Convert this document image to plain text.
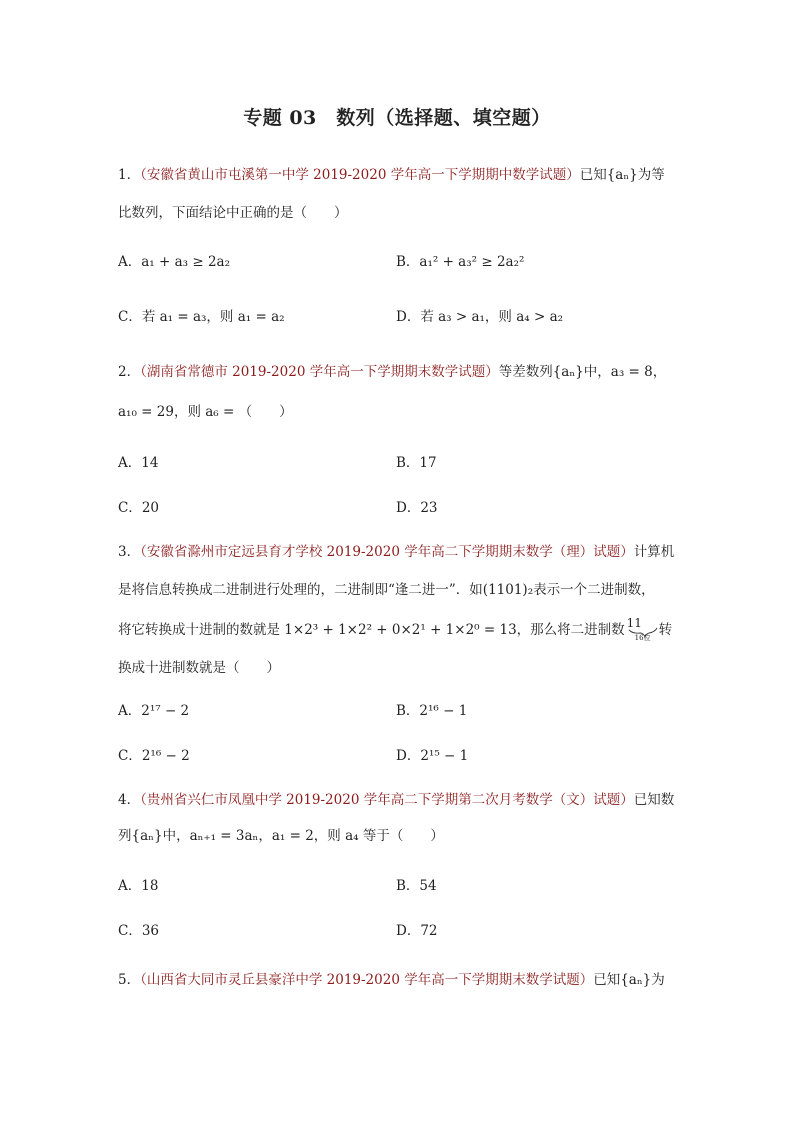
专题 03　数列（选择题、填空题）
1．（安徽省黄山市屯溪第一中学 2019-2020 学年高一下学期期中数学试题）已知{aₙ}为等
比数列，下面结论中正确的是（　　）
A．a₁ + a₃ ≥ 2a₂	B．a₁² + a₃² ≥ 2a₂²
C．若 a₁ = a₃，则 a₁ = a₂	D．若 a₃ > a₁，则 a₄ > a₂
2．（湖南省常德市 2019-2020 学年高一下学期期末数学试题）等差数列{aₙ}中，a₃ = 8，
a₁₀ = 29，则 a₆ = （　　）
A．14	B．17
C．20	D．23
3．（安徽省滁州市定远县育才学校 2019-2020 学年高二下学期期末数学（理）试题）计算机
是将信息转换成二进制进行处理的，二进制即“逢二进一”．如(1101)₂表示一个二进制数，
将它转换成十进制的数就是 1×2³ + 1×2² + 0×2¹ + 1×2⁰ = 13，那么将二进制数 11
16位 转
换成十进制数就是（　　）
A．2¹⁷ − 2	B．2¹⁶ − 1
C．2¹⁶ − 2	D．2¹⁵ − 1
4．（贵州省兴仁市凤凰中学 2019-2020 学年高二下学期第二次月考数学（文）试题）已知数
列{aₙ}中，aₙ₊₁ = 3aₙ，a₁ = 2，则 a₄ 等于（　　）
A．18	B．54
C．36	D．72
5．（山西省大同市灵丘县豪洋中学 2019-2020 学年高一下学期期末数学试题）已知{aₙ}为
